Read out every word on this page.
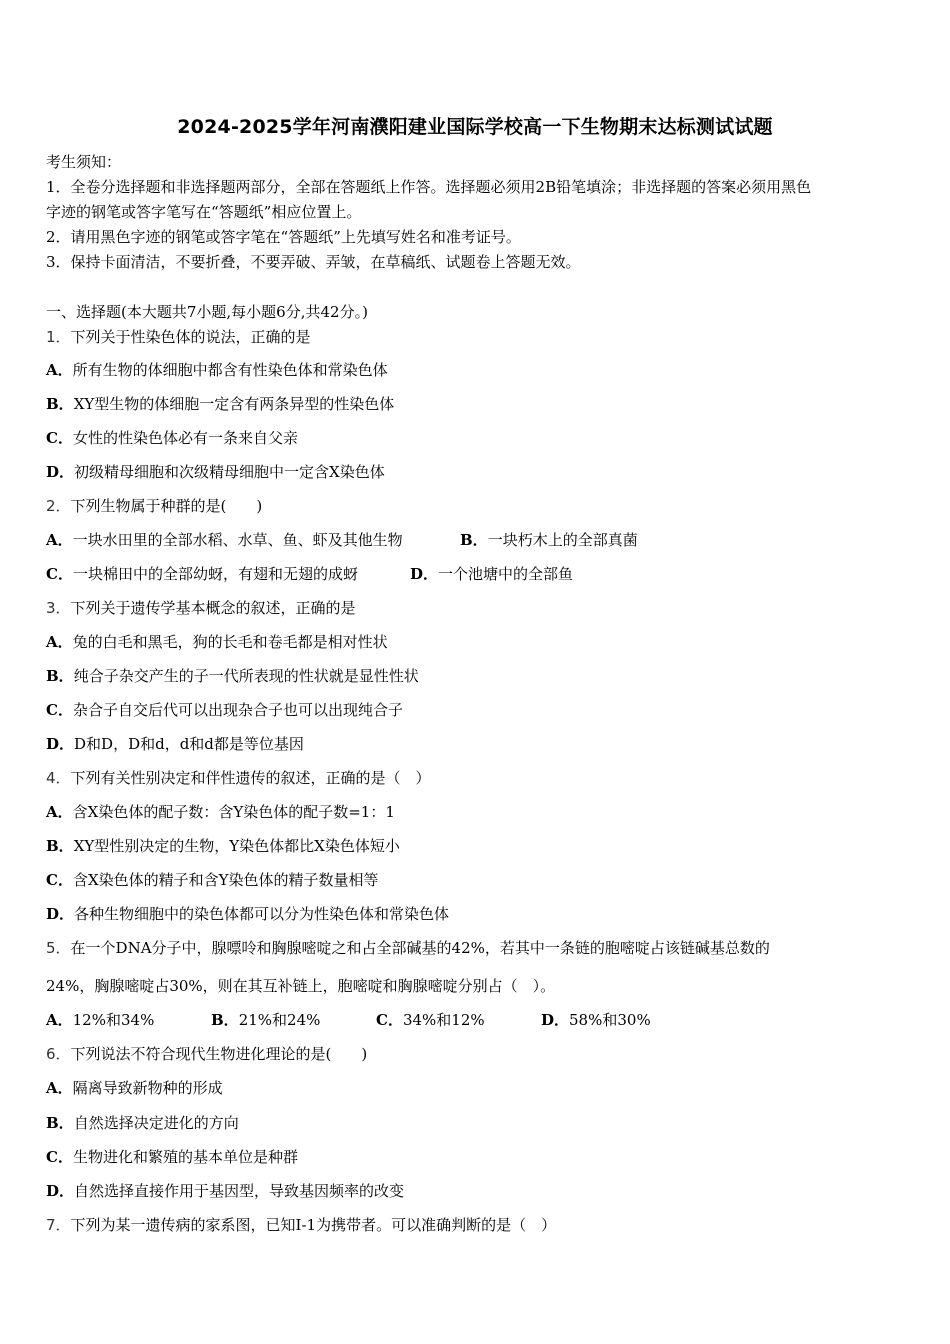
2024-2025学年河南濮阳建业国际学校高一下生物期末达标测试试题
考生须知：
1．全卷分选择题和非选择题两部分，全部在答题纸上作答。选择题必须用2B铅笔填涂；非选择题的答案必须用黑色
字迹的钢笔或答字笔写在“答题纸”相应位置上。
2．请用黑色字迹的钢笔或答字笔在“答题纸”上先填写姓名和准考证号。
3．保持卡面清洁，不要折叠，不要弄破、弄皱，在草稿纸、试题卷上答题无效。
一、选择题(本大题共7小题,每小题6分,共42分。)
1．下列关于性染色体的说法，正确的是
A．所有生物的体细胞中都含有性染色体和常染色体
B．XY型生物的体细胞一定含有两条异型的性染色体
C．女性的性染色体必有一条来自父亲
D．初级精母细胞和次级精母细胞中一定含X染色体
2．下列生物属于种群的是(　　)
A．一块水田里的全部水稻、水草、鱼、虾及其他生物	B．一块朽木上的全部真菌
C．一块棉田中的全部幼蚜，有翅和无翅的成蚜	D．一个池塘中的全部鱼
3．下列关于遗传学基本概念的叙述，正确的是
A．兔的白毛和黑毛，狗的长毛和卷毛都是相对性状
B．纯合子杂交产生的子一代所表现的性状就是显性性状
C．杂合子自交后代可以出现杂合子也可以出现纯合子
D．D和D，D和d，d和d都是等位基因
4．下列有关性别决定和伴性遗传的叙述，正确的是（　）
A．含X染色体的配子数：含Y染色体的配子数=1：1
B．XY型性别决定的生物，Y染色体都比X染色体短小
C．含X染色体的精子和含Y染色体的精子数量相等
D．各种生物细胞中的染色体都可以分为性染色体和常染色体
5．在一个DNA分子中，腺嘌呤和胸腺嘧啶之和占全部碱基的42%，若其中一条链的胞嘧啶占该链碱基总数的
24%，胸腺嘧啶占30%，则在其互补链上，胞嘧啶和胸腺嘧啶分别占（　）。
A．12%和34%	B．21%和24%	C．34%和12%	D．58%和30%
6．下列说法不符合现代生物进化理论的是(　　)
A．隔离导致新物种的形成
B．自然选择决定进化的方向
C．生物进化和繁殖的基本单位是种群
D．自然选择直接作用于基因型，导致基因频率的改变
7．下列为某一遗传病的家系图，已知I-1为携带者。可以准确判断的是（　）
